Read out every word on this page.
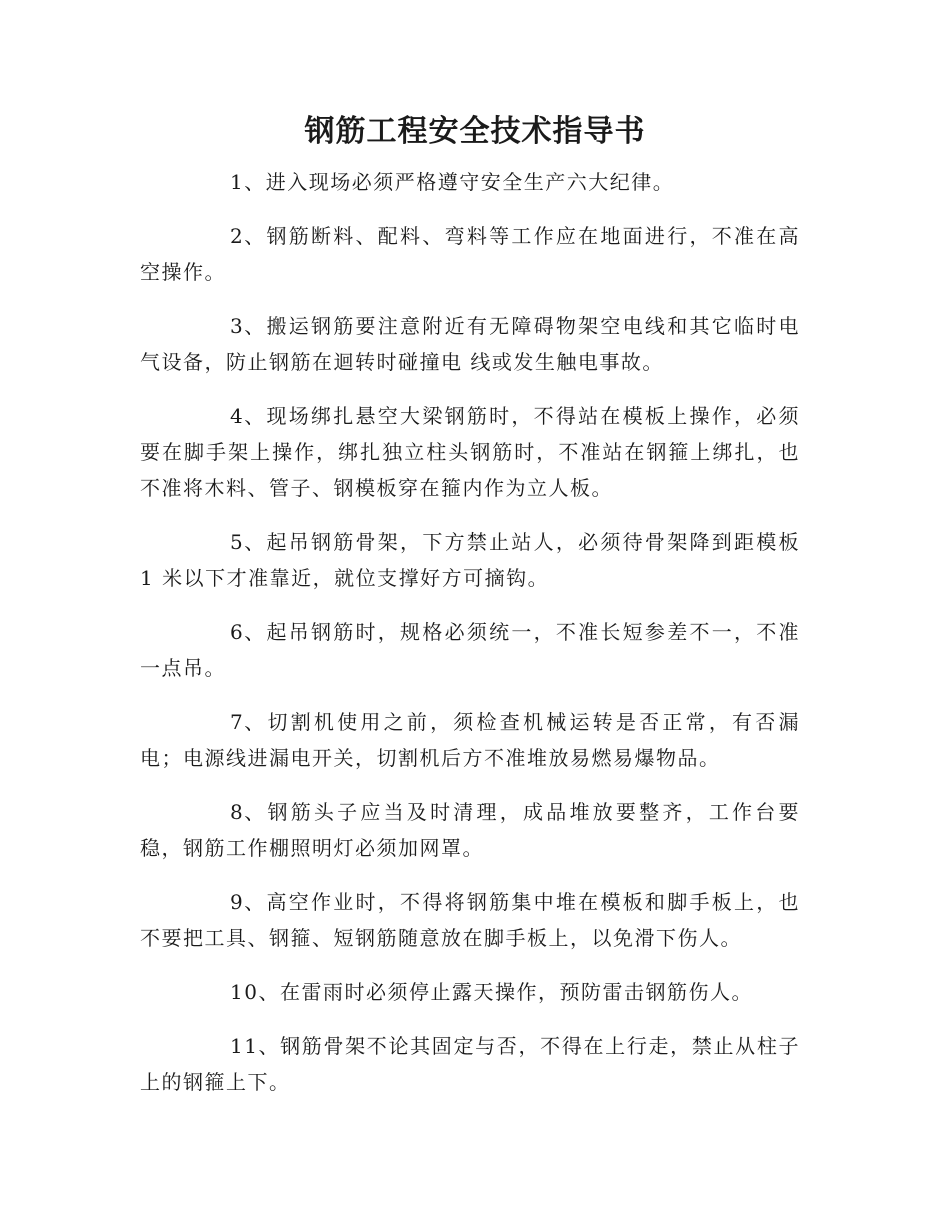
钢筋工程安全技术指导书

1、进入现场必须严格遵守安全生产六大纪律。

2、钢筋断料、配料、弯料等工作应在地面进行，不准在高空操作。

3、搬运钢筋要注意附近有无障碍物架空电线和其它临时电气设备，防止钢筋在迴转时碰撞电 线或发生触电事故。

4、现场绑扎悬空大梁钢筋时，不得站在模板上操作，必须要在脚手架上操作，绑扎独立柱头钢筋时，不准站在钢箍上绑扎，也不准将木料、管子、钢模板穿在箍内作为立人板。

5、起吊钢筋骨架，下方禁止站人，必须待骨架降到距模板 1 米以下才准靠近，就位支撑好方可摘钩。

6、起吊钢筋时，规格必须统一，不准长短参差不一，不准一点吊。

7、切割机使用之前，须检查机械运转是否正常，有否漏电；电源线进漏电开关，切割机后方不准堆放易燃易爆物品。

8、钢筋头子应当及时清理，成品堆放要整齐，工作台要稳，钢筋工作棚照明灯必须加网罩。

9、高空作业时，不得将钢筋集中堆在模板和脚手板上，也不要把工具、钢箍、短钢筋随意放在脚手板上，以免滑下伤人。

10、在雷雨时必须停止露天操作，预防雷击钢筋伤人。

11、钢筋骨架不论其固定与否，不得在上行走，禁止从柱子上的钢箍上下。
